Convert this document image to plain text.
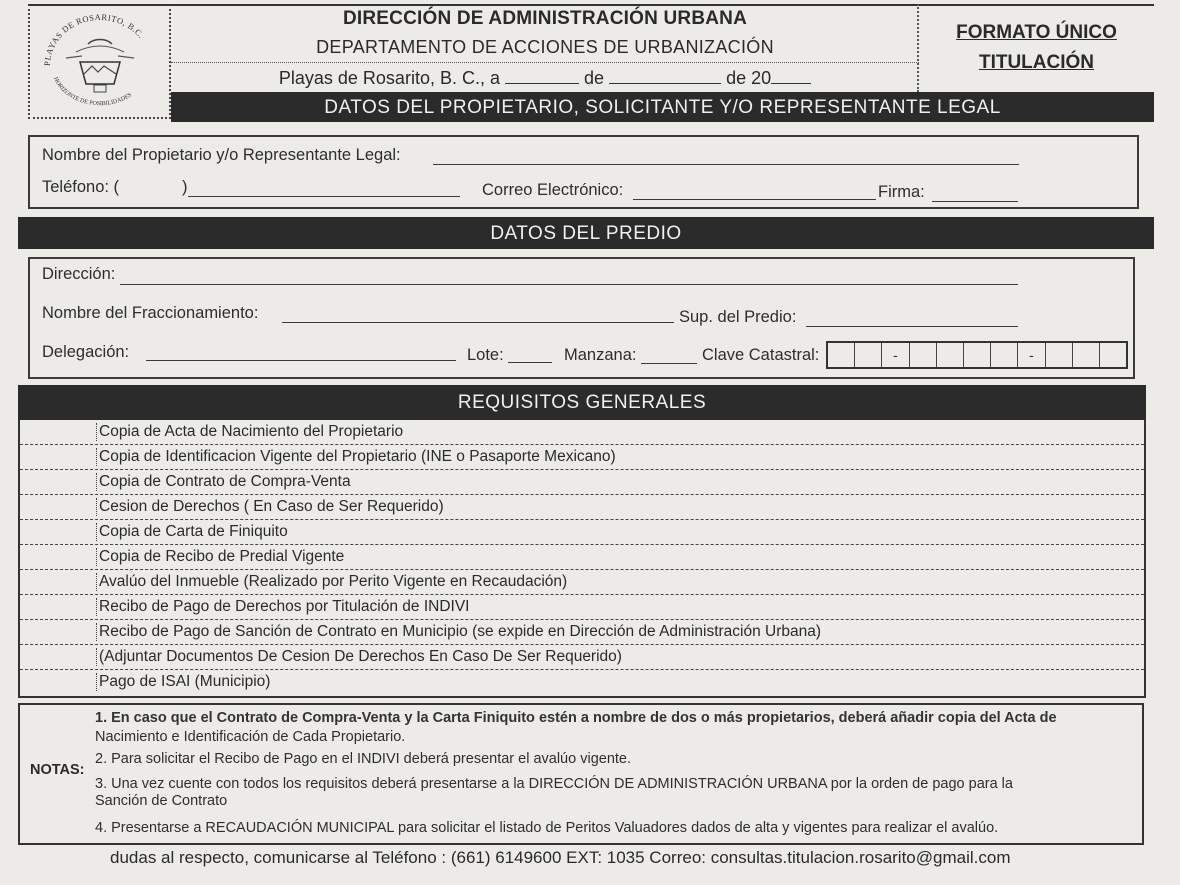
PLAYAS DE ROSARITO, B.C.
HORIZONTE DE POSIBILIDADES
DIRECCIÓN DE ADMINISTRACIÓN URBANA
DEPARTAMENTO DE ACCIONES DE URBANIZACIÓN
Playas de Rosarito, B. C., a	de	de 20
FORMATO ÚNICO
TITULACIÓN
DATOS DEL PROPIETARIO, SOLICITANTE Y/O REPRESENTANTE LEGAL
Nombre del Propietario y/o Representante Legal:
Teléfono: (	)	Correo Electrónico:	Firma:
DATOS DEL PREDIO
Dirección:
Nombre del Fraccionamiento:	Sup. del Predio:
Delegación:	Lote:	Manzana:	Clave Catastral:	-	-
REQUISITOS GENERALES
Copia de Acta de Nacimiento del Propietario
Copia de Identificacion Vigente del Propietario (INE o Pasaporte Mexicano)
Copia de Contrato de Compra-Venta
Cesion de Derechos ( En Caso de Ser Requerido)
Copia de Carta de Finiquito
Copia de Recibo de Predial Vigente
Avalúo del Inmueble (Realizado por Perito Vigente en Recaudación)
Recibo de Pago de Derechos por Titulación de INDIVI
Recibo de Pago de Sanción de Contrato en Municipio (se expide en Dirección de Administración Urbana)
(Adjuntar Documentos De Cesion De Derechos En Caso De Ser Requerido)
Pago de ISAI (Municipio)
NOTAS:
1. En caso que el Contrato de Compra-Venta y la Carta Finiquito estén a nombre de dos o más propietarios, deberá añadir copia del Acta de
Nacimiento e Identificación de Cada Propietario.
2. Para solicitar el Recibo de Pago en el INDIVI deberá presentar el avalúo vigente.
3. Una vez cuente con todos los requisitos deberá presentarse a la DIRECCIÓN DE ADMINISTRACIÓN URBANA por la orden de pago para la
Sanción de Contrato
4. Presentarse a RECAUDACIÓN MUNICIPAL para solicitar el listado de Peritos Valuadores dados de alta y vigentes para realizar el avalúo.
dudas al respecto, comunicarse al Teléfono : (661) 6149600 EXT: 1035 Correo: consultas.titulacion.rosarito@gmail.com
